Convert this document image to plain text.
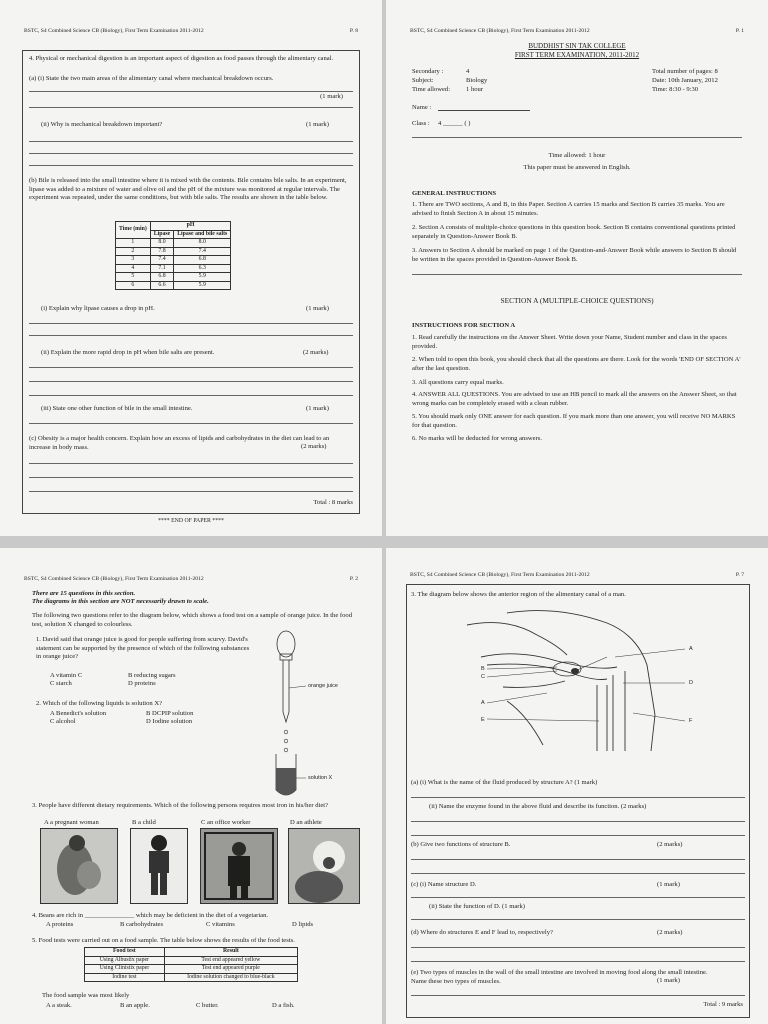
BSTC, S4 Combined Science CB (Biology), First Term Examination 2011-2012	P. 8
4. Physical or mechanical digestion is an important aspect of digestion as food passes through the alimentary canal.
(a) (i) State the two main areas of the alimentary canal where mechanical breakdown occurs.
(1 mark)
(ii) Why is mechanical breakdown important?	(1 mark)
(b) Bile is released into the small intestine where it is mixed with the contents. Bile contains bile salts. In an experiment, lipase was added to a mixture of water and olive oil and the pH of the mixture was monitored at regular intervals. The experiment was repeated, under the same conditions, but with bile salts. The results are shown in the table below.
Time (min)	pH	
	Lipase	Lipase and bile salts
1	8.0	8.0
2	7.8	7.4
3	7.4	6.8
4	7.1	6.3
5	6.8	5.9
6	6.6	5.9
(i) Explain why lipase causes a drop in pH.	(1 mark)
(ii) Explain the more rapid drop in pH when bile salts are present.	(2 marks)
(iii) State one other function of bile in the small intestine.	(1 mark)
(c) Obesity is a major health concern. Explain how an excess of lipids and carbohydrates in the diet can lead to an increase in body mass.	(2 marks)
Total : 8 marks
**** END OF PAPER ****
BSTC, S4 Combined Science CB (Biology), First Term Examination 2011-2012	P. 1
BUDDHIST SIN TAK COLLEGE
FIRST TERM EXAMINATION, 2011-2012
Secondary :	4
Subject:	Biology
Time allowed: 1 hour
Total number of pages: 8
Date: 10th January, 2012
Time: 8:30 - 9:30
Name :
Class : 4 ______ ( )
Time allowed: 1 hour
This paper must be answered in English.
GENERAL INSTRUCTIONS
1. There are TWO sections, A and B, in this Paper. Section A carries 15 marks and Section B carries 35 marks. You are advised to finish Section A in about 15 minutes.
2. Section A consists of multiple-choice questions in this question book. Section B contains conventional questions printed separately in Question-Answer Book B.
3. Answers to Section A should be marked on page 1 of the Question-and-Answer Book while answers to Section B should be written in the spaces provided in Question-Answer Book B.
SECTION A (MULTIPLE-CHOICE QUESTIONS)
INSTRUCTIONS FOR SECTION A
1. Read carefully the instructions on the Answer Sheet. Write down your Name, Student number and class in the spaces provided.
2. When told to open this book, you should check that all the questions are there. Look for the words 'END OF SECTION A' after the last question.
3. All questions carry equal marks.
4. ANSWER ALL QUESTIONS. You are advised to use an HB pencil to mark all the answers on the Answer Sheet, so that wrong marks can be completely erased with a clean rubber.
5. You should mark only ONE answer for each question. If you mark more than one answer, you will receive NO MARKS for that question.
6. No marks will be deducted for wrong answers.
BSTC, S4 Combined Science CB (Biology), First Term Examination 2011-2012	P. 2
There are 15 questions in this section.
The diagrams in this section are NOT necessarily drawn to scale.
The following two questions refer to the diagram below, which shows a food test on a sample of orange juice. In the food test, solution X changed to colourless.
1. David said that orange juice is good for people suffering from scurvy. David's statement can be supported by the presence of which of the following substances in orange juice?
A vitamin C	B reducing sugars
C starch	D proteins
2. Which of the following liquids is solution X?
A Benedict's solution	B DCPIP solution
C alcohol	D Iodine solution
orange juice
solution X
3. People have different dietary requirements. Which of the following persons requires most iron in his/her diet?
A a pregnant woman	B a child	C an office worker	D an athlete
4. Beans are rich in _______________ which may be deficient in the diet of a vegetarian.
A proteins	B carbohydrates	C vitamins	D lipids
5. Food tests were carried out on a food sample. The table below shows the results of the food tests.
Food test	Result
Using Albustix paper	Test end appeared yellow
Using Clinistix paper	Test end appeared purple
Iodine test	Iodine solution changed to blue-black
The food sample was most likely
A a steak.	B an apple.	C butter.	D a fish.
BSTC, S4 Combined Science CB (Biology), First Term Examination 2011-2012	P. 7
3. The diagram below shows the anterior region of the alimentary canal of a man.
A
B
C
D
A
F
E
(a) (i) What is the name of the fluid produced by structure A? (1 mark)
(ii) Name the enzyme found in the above fluid and describe its function. (2 marks)
(b) Give two functions of structure B.	(2 marks)
(c) (i) Name structure D.	(1 mark)
(ii) State the function of D. (1 mark)
(d) Where do structures E and F lead to, respectively?	(2 marks)
(e) Two types of muscles in the wall of the small intestine are involved in moving food along the small intestine. Name these two types of muscles.	(1 mark)
Total : 9 marks
